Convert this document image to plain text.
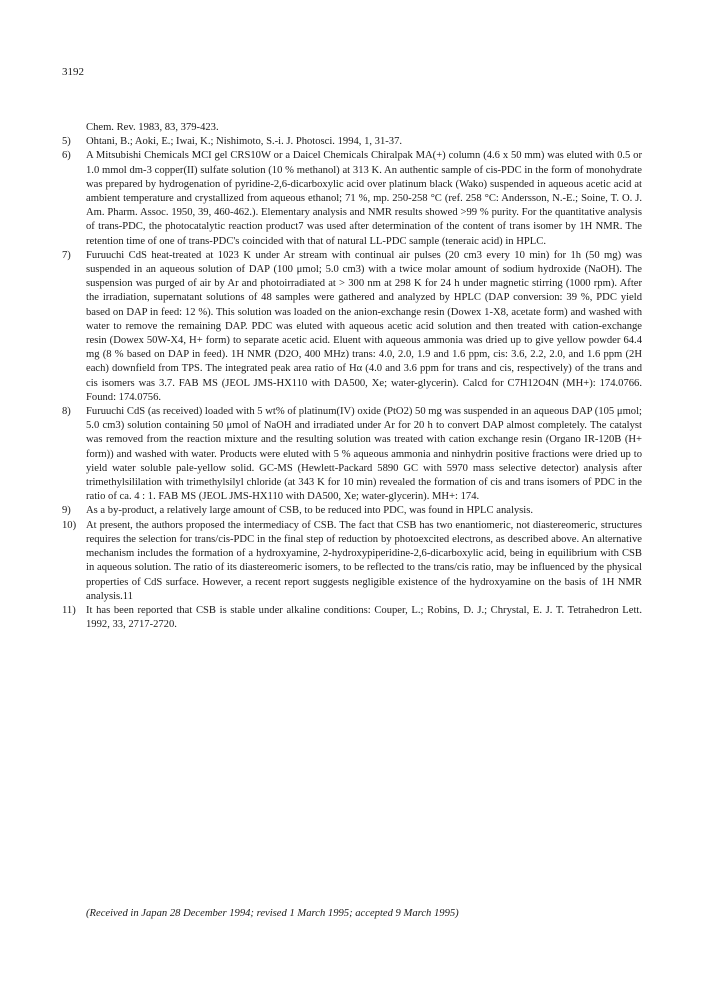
3192

Chem. Rev. 1983, 83, 379-423.

5)	Ohtani, B.; Aoki, E.; Iwai, K.; Nishimoto, S.-i. J. Photosci. 1994, 1, 31-37.

6)	A Mitsubishi Chemicals MCI gel CRS10W or a Daicel Chemicals Chiralpak MA(+) column (4.6 x 50 mm) was eluted with 0.5 or 1.0 mmol dm-3 copper(II) sulfate solution (10 % methanol) at 313 K. An authentic sample of cis-PDC in the form of monohydrate was prepared by hydrogenation of pyridine-2,6-dicarboxylic acid over platinum black (Wako) suspended in aqueous acetic acid at ambient temperature and crystallized from aqueous ethanol; 71 %, mp. 250-258 °C (ref. 258 °C: Andersson, N.-E.; Soine, T. O. J. Am. Pharm. Assoc. 1950, 39, 460-462.). Elementary analysis and NMR results showed >99 % purity. For the quantitative analysis of trans-PDC, the photocatalytic reaction product7 was used after determination of the content of trans isomer by 1H NMR. The retention time of one of trans-PDC's coincided with that of natural LL-PDC sample (teneraic acid) in HPLC.

7)	Furuuchi CdS heat-treated at 1023 K under Ar stream with continual air pulses (20 cm3 every 10 min) for 1h (50 mg) was suspended in an aqueous solution of DAP (100 μmol; 5.0 cm3) with a twice molar amount of sodium hydroxide (NaOH). The suspension was purged of air by Ar and photoirradiated at > 300 nm at 298 K for 24 h under magnetic stirring (1000 rpm). After the irradiation, supernatant solutions of 48 samples were gathered and analyzed by HPLC (DAP conversion: 39 %, PDC yield based on DAP in feed: 12 %). This solution was loaded on the anion-exchange resin (Dowex 1-X8, acetate form) and washed with water to remove the remaining DAP. PDC was eluted with aqueous acetic acid solution and then treated with cation-exchange resin (Dowex 50W-X4, H+ form) to separate acetic acid. Eluent with aqueous ammonia was dried up to give yellow powder 64.4 mg (8 % based on DAP in feed). 1H NMR (D2O, 400 MHz) trans: 4.0, 2.0, 1.9 and 1.6 ppm, cis: 3.6, 2.2, 2.0, and 1.6 ppm (2H each) downfield from TPS. The integrated peak area ratio of Hα (4.0 and 3.6 ppm for trans and cis, respectively) of the trans and cis isomers was 3.7. FAB MS (JEOL JMS-HX110 with DA500, Xe; water-glycerin). Calcd for C7H12O4N (MH+): 174.0766. Found: 174.0756.

8)	Furuuchi CdS (as received) loaded with 5 wt% of platinum(IV) oxide (PtO2) 50 mg was suspended in an aqueous DAP (105 μmol; 5.0 cm3) solution containing 50 μmol of NaOH and irradiated under Ar for 20 h to convert DAP almost completely. The catalyst was removed from the reaction mixture and the resulting solution was treated with cation exchange resin (Organo IR-120B (H+ form)) and washed with water. Products were eluted with 5 % aqueous ammonia and ninhydrin positive fractions were dried up to yield water soluble pale-yellow solid. GC-MS (Hewlett-Packard 5890 GC with 5970 mass selective detector) analysis after trimethylsililation with trimethylsilyl chloride (at 343 K for 10 min) revealed the formation of cis and trans isomers of PDC in the ratio of ca. 4 : 1. FAB MS (JEOL JMS-HX110 with DA500, Xe; water-glycerin). MH+: 174.

9)	As a by-product, a relatively large amount of CSB, to be reduced into PDC, was found in HPLC analysis.

10) At present, the authors proposed the intermediacy of CSB. The fact that CSB has two enantiomeric, not diastereomeric, structures requires the selection for trans/cis-PDC in the final step of reduction by photoexcited electrons, as described above. An alternative mechanism includes the formation of a hydroxyamine, 2-hydroxypiperidine-2,6-dicarboxylic acid, being in equilibrium with CSB in aqueous solution. The ratio of its diastereomeric isomers, to be reflected to the trans/cis ratio, may be influenced by the physical properties of CdS surface. However, a recent report suggests negligible existence of the hydroxyamine on the basis of 1H NMR analysis.11

11) It has been reported that CSB is stable under alkaline conditions: Couper, L.; Robins, D. J.; Chrystal, E. J. T. Tetrahedron Lett. 1992, 33, 2717-2720.

(Received in Japan 28 December 1994; revised 1 March 1995; accepted 9 March 1995)
